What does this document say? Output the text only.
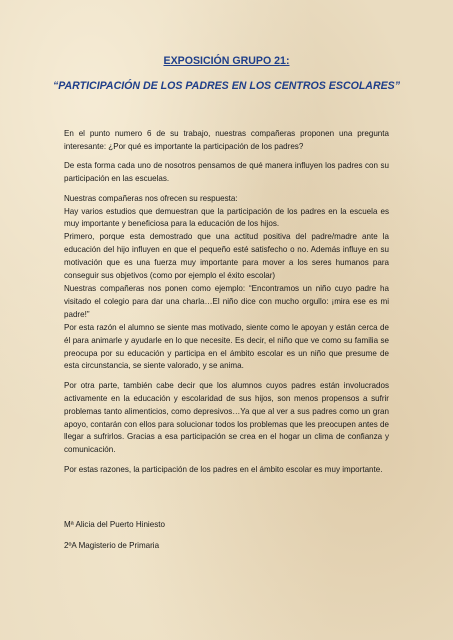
EXPOSICIÓN GRUPO 21:
“PARTICIPACIÓN DE LOS PADRES EN LOS CENTROS ESCOLARES”

En el punto numero 6 de su trabajo, nuestras compañeras proponen una pregunta interesante: ¿Por qué es importante la participación de los padres?

De esta forma cada uno de nosotros pensamos de qué manera influyen los padres con su participación en las escuelas.

Nuestras compañeras nos ofrecen su respuesta:

Hay varios estudios que demuestran que la participación de los padres en la escuela es muy importante y beneficiosa para la educación de los hijos.

Primero, porque esta demostrado que una actitud positiva del padre/madre ante la educación del hijo influyen en que el pequeño esté satisfecho o no. Además influye en su motivación que es una fuerza muy importante para mover a los seres humanos para conseguir sus objetivos (como por ejemplo el éxito escolar)

Nuestras compañeras nos ponen como ejemplo: “Encontramos un niño cuyo padre ha visitado el colegio para dar una charla…El niño dice con mucho orgullo: ¡mira ese es mi padre!”

Por esta razón el alumno se siente mas motivado, siente como le apoyan y están cerca de él para animarle y ayudarle en lo que necesite. Es decir, el niño que ve como su familia se preocupa por su educación y participa en el ámbito escolar es un niño que presume de esta circunstancia, se siente valorado, y se anima.

Por otra parte, también cabe decir que los alumnos cuyos padres están involucrados activamente en la educación y escolaridad de sus hijos, son menos propensos a sufrir problemas tanto alimenticios, como depresivos…Ya que al ver a sus padres como un gran apoyo, contarán con ellos para solucionar todos los problemas que les preocupen antes de llegar a sufrirlos. Gracias a esa participación se crea en el hogar un clima de confianza y comunicación.

Por estas razones, la participación de los padres en el ámbito escolar es muy importante.

Mª Alicia del Puerto Hiniesto
2ºA Magisterio de Primaria
